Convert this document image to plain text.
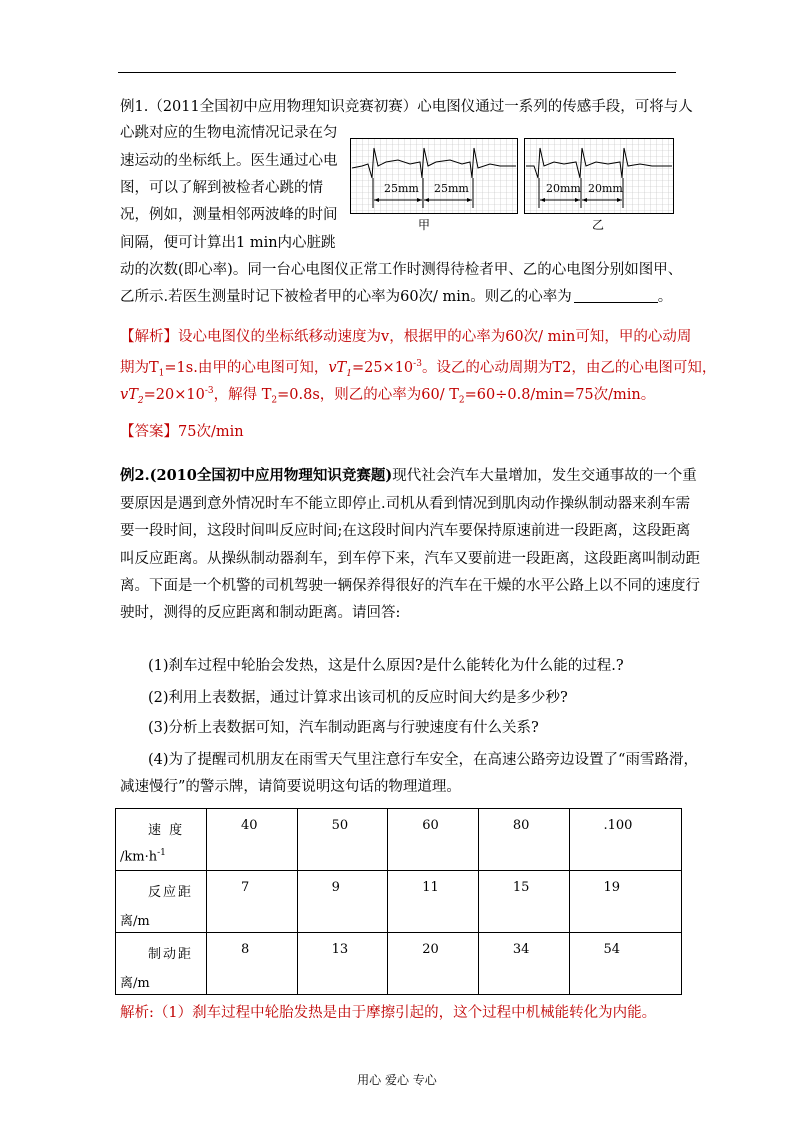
例1.（2011全国初中应用物理知识竞赛初赛）心电图仪通过一系列的传感手段，可将与人
心跳对应的生物电流情况记录在匀
速运动的坐标纸上。医生通过心电
图，可以了解到被检者心跳的情
况，例如，测量相邻两波峰的时间
间隔，便可计算出1 min内心脏跳
动的次数(即心率)。同一台心电图仪正常工作时测得待检者甲、乙的心电图分别如图甲、
乙所示.若医生测量时记下被检者甲的心率为60次/ min。则乙的心率为	。
25mm 25mm
甲
20mm 20mm
乙
【解析】设心电图仪的坐标纸移动速度为v，根据甲的心率为60次/ min可知，甲的心动周
期为$T_1=1s$.由甲的心电图可知，$vT_1=25\times 10^{-3}$。设乙的心动周期为T2，由乙的心电图可知，
$vT_2=20\times 10^{-3}$，解得 $T_2=0.8s$，则乙的心率为60/ $T_2=60\div 0.8/\min=75$次/min。
【答案】75次/min
例2.(2010全国初中应用物理知识竞赛题)现代社会汽车大量增加，发生交通事故的一个重
要原因是遇到意外情况时车不能立即停止.司机从看到情况到肌肉动作操纵制动器来刹车需
要一段时间，这段时间叫反应时间;在这段时间内汽车要保持原速前进一段距离，这段距离
叫反应距离。从操纵制动器刹车，到车停下来，汽车又要前进一段距离，这段距离叫制动距
离。下面是一个机警的司机驾驶一辆保养得很好的汽车在干燥的水平公路上以不同的速度行
驶时，测得的反应距离和制动距离。请回答:
(1)刹车过程中轮胎会发热，这是什么原因?是什么能转化为什么能的过程.?
(2)利用上表数据，通过计算求出该司机的反应时间大约是多少秒?
(3)分析上表数据可知，汽车制动距离与行驶速度有什么关系?
(4)为了提醒司机朋友在雨雪天气里注意行车安全，在高速公路旁边设置了“雨雪路滑，
减速慢行”的警示牌，请简要说明这句话的物理道理。
速 度
$/km\cdot h^{-1}$	40	50	60	80	.100

反应距
离/m	7	9	11	15	19

制动距
离/m	8	13	20	34	54
解析:（1）刹车过程中轮胎发热是由于摩擦引起的，这个过程中机械能转化为内能。
用心 爱心 专心
